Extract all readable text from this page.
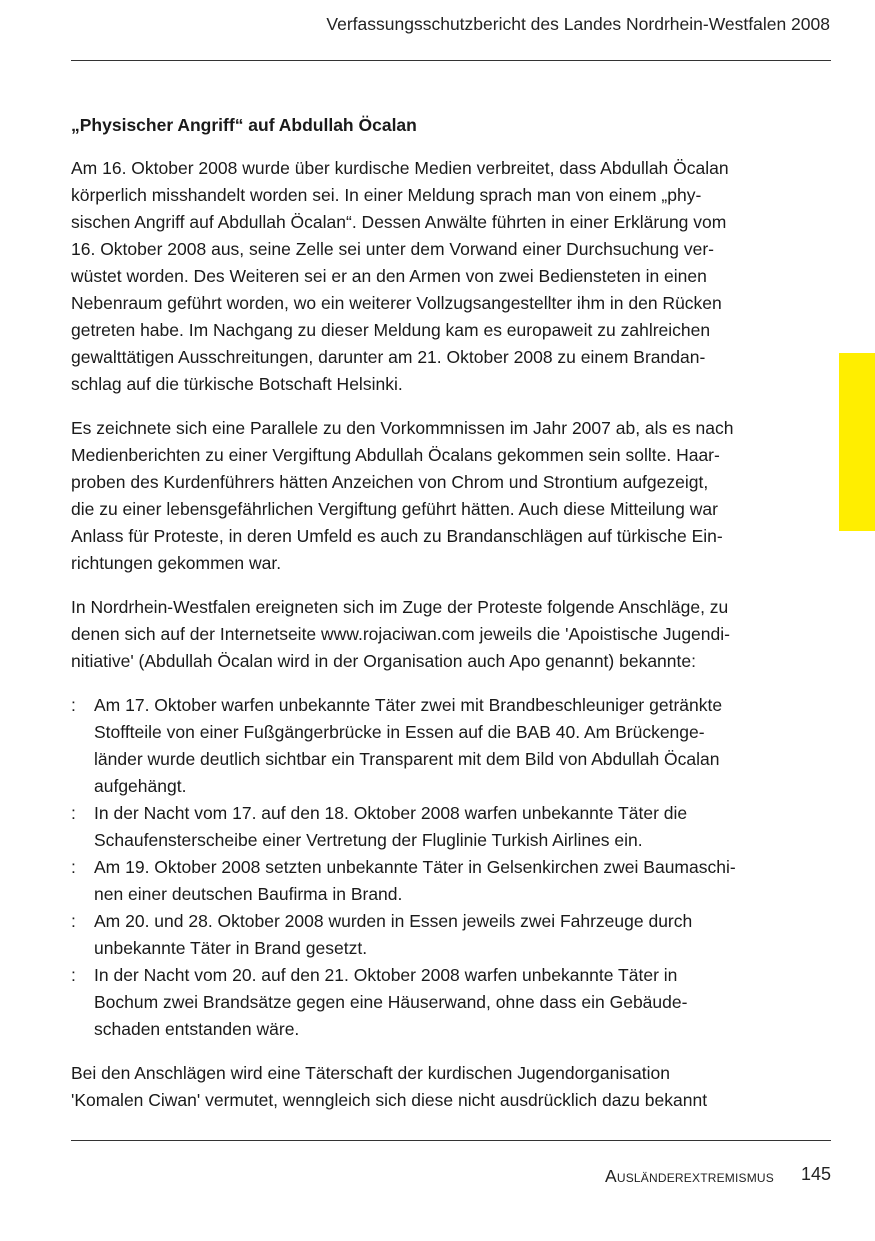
Verfassungsschutzbericht des Landes Nordrhein-Westfalen 2008
„Physischer Angriff“ auf Abdullah Öcalan
Am 16. Oktober 2008 wurde über kurdische Medien verbreitet, dass Abdullah Öcalan
körperlich misshandelt worden sei. In einer Meldung sprach man von einem „phy-
sischen Angriff auf Abdullah Öcalan“. Dessen Anwälte führten in einer Erklärung vom
16. Oktober 2008 aus, seine Zelle sei unter dem Vorwand einer Durchsuchung ver-
wüstet worden. Des Weiteren sei er an den Armen von zwei Bediensteten in einen
Nebenraum geführt worden, wo ein weiterer Vollzugsangestellter ihm in den Rücken
getreten habe. Im Nachgang zu dieser Meldung kam es europaweit zu zahlreichen
gewalttätigen Ausschreitungen, darunter am 21. Oktober 2008 zu einem Brandan-
schlag auf die türkische Botschaft Helsinki.
Es zeichnete sich eine Parallele zu den Vorkommnissen im Jahr 2007 ab, als es nach
Medienberichten zu einer Vergiftung Abdullah Öcalans gekommen sein sollte. Haar-
proben des Kurdenführers hätten Anzeichen von Chrom und Strontium aufgezeigt,
die zu einer lebensgefährlichen Vergiftung geführt hätten. Auch diese Mitteilung war
Anlass für Proteste, in deren Umfeld es auch zu Brandanschlägen auf türkische Ein-
richtungen gekommen war.
In Nordrhein-Westfalen ereigneten sich im Zuge der Proteste folgende Anschläge, zu
denen sich auf der Internetseite www.rojaciwan.com jeweils die 'Apoistische Jugendi-
nitiative' (Abdullah Öcalan wird in der Organisation auch Apo genannt) bekannte:
: Am 17. Oktober warfen unbekannte Täter zwei mit Brandbeschleuniger getränkte
Stoffteile von einer Fußgängerbrücke in Essen auf die BAB 40. Am Brückenge-
länder wurde deutlich sichtbar ein Transparent mit dem Bild von Abdullah Öcalan
aufgehängt.
: In der Nacht vom 17. auf den 18. Oktober 2008 warfen unbekannte Täter die
Schaufensterscheibe einer Vertretung der Fluglinie Turkish Airlines ein.
: Am 19. Oktober 2008 setzten unbekannte Täter in Gelsenkirchen zwei Baumaschi-
nen einer deutschen Baufirma in Brand.
: Am 20. und 28. Oktober 2008 wurden in Essen jeweils zwei Fahrzeuge durch
unbekannte Täter in Brand gesetzt.
: In der Nacht vom 20. auf den 21. Oktober 2008 warfen unbekannte Täter in
Bochum zwei Brandsätze gegen eine Häuserwand, ohne dass ein Gebäude-
schaden entstanden wäre.
Bei den Anschlägen wird eine Täterschaft der kurdischen Jugendorganisation
'Komalen Ciwan' vermutet, wenngleich sich diese nicht ausdrücklich dazu bekannt
Ausländerextremismus 145
